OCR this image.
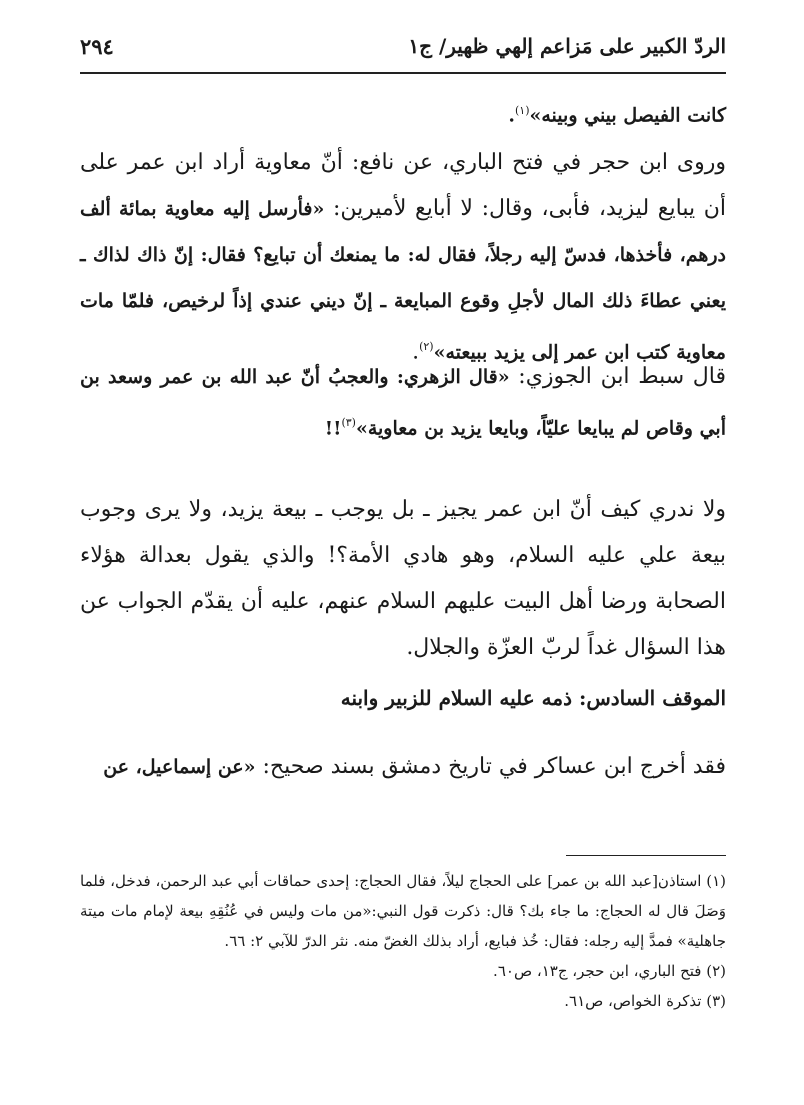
الردّ الكبير على مَزاعم إلهي ظهير/ ج١
٢٩٤
كانت الفيصل بيني وبينه»$^{(١)}$.
وروى ابن حجر في فتح الباري، عن نافع: أنّ معاوية أراد ابن عمر على أن يبايع ليزيد، فأبى، وقال: لا أبايع لأميرين: «فأرسل إليه معاوية بمائة ألف درهم، فأخذها، فدسّ إليه رجلاً، فقال له: ما يمنعك أن تبايع؟ فقال: إنّ ذاك لذاك ـ يعني عطاءَ ذلك المال لأجلِ وقوع المبايعة ـ إنّ ديني عندي إذاً لرخيص، فلمّا مات معاوية كتب ابن عمر إلى يزيد ببيعته»$^{(٢)}$.
قال سبط ابن الجوزي: «قال الزهري: والعجبُ أنّ عبد الله بن عمر وسعد بن أبي وقاص لم يبايعا عليّاً، وبايعا يزيد بن معاوية»$^{(٣)}$!!
ولا ندري كيف أنّ ابن عمر يجيز ـ بل يوجب ـ بيعة يزيد، ولا يرى وجوب بيعة علي عليه السلام، وهو هادي الأمة؟! والذي يقول بعدالة هؤلاء الصحابة ورضا أهل البيت عليهم السلام عنهم، عليه أن يقدّم الجواب عن هذا السؤال غداً لربّ العزّة والجلال.
الموقف السادس: ذمه عليه السلام للزبير وابنه
فقد أخرج ابن عساكر في تاريخ دمشق بسند صحيح: «عن إسماعيل، عن
(١) استاذن[عبد الله بن عمر] على الحجاج ليلاً، فقال الحجاج: إحدى حماقات أبي عبد الرحمن، فدخل، فلما وَصَلَ قال له الحجاج: ما جاء بك؟ قال: ذكرت قول النبي:«من مات وليس في عُنُقِهِ بيعة لإمام مات ميتة جاهلية» فمدَّ إليه رجله: فقال: خُذ فبايع، أراد بذلك الغضّ منه. نثر الدرّ للآبي ٢: ٦٦.
(٢) فتح الباري، ابن حجر، ج١٣، ص٦٠.
(٣) تذكرة الخواص، ص٦١.
